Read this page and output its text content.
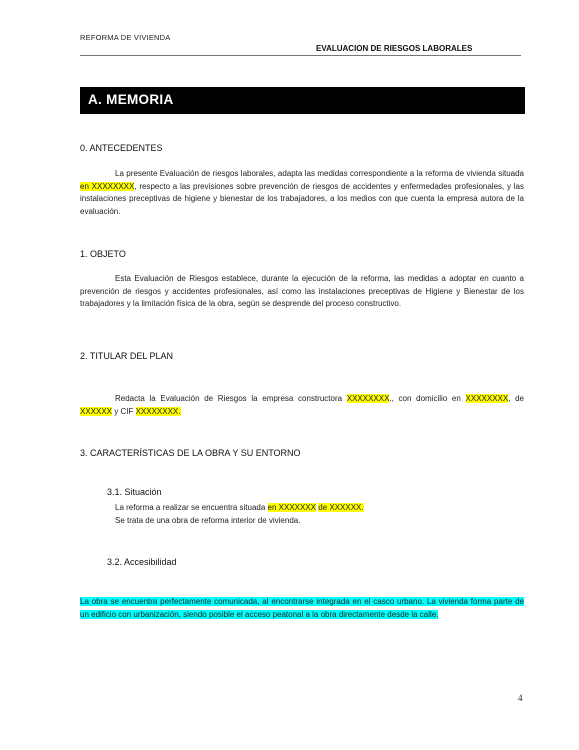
REFORMA DE VIVIENDA
EVALUACION DE RIESGOS LABORALES
A. MEMORIA
0. ANTECEDENTES
La presente Evaluación de riesgos laborales, adapta las medidas correspondiente a la reforma de vivienda situada en XXXXXXXX, respecto a las previsiones sobre prevención de riesgos de accidentes y enfermedades profesionales, y las instalaciones preceptivas de higiene y bienestar de los trabajadores, a los medios con que cuenta la empresa autora de la evaluación.
1. OBJETO
Esta Evaluación de Riesgos establece, durante la ejecución de la reforma, las medidas a adoptar en cuanto a prevención de riesgos y accidentes profesionales, así como las instalaciones preceptivas de Higiene y Bienestar de los trabajadores y la limitación física de la obra, según se desprende del proceso constructivo.
2. TITULAR DEL PLAN
Redacta la Evaluación de Riesgos la empresa constructora XXXXXXXX., con domicilio en XXXXXXXX, de XXXXXX y CIF XXXXXXXX.
3. CARACTERÍSTICAS DE LA OBRA Y SU ENTORNO
3.1. Situación
La reforma a realizar se encuentra situada en XXXXXXX de XXXXXX.
Se trata de una obra de reforma interior de vivienda.
3.2. Accesibilidad
La obra se encuentra perfectamente comunicada, al encontrarse integrada en el casco urbano. La vivienda forma parte de un edificio con urbanización, siendo posible el acceso peatonal a la obra directamente desde la calle.
4
